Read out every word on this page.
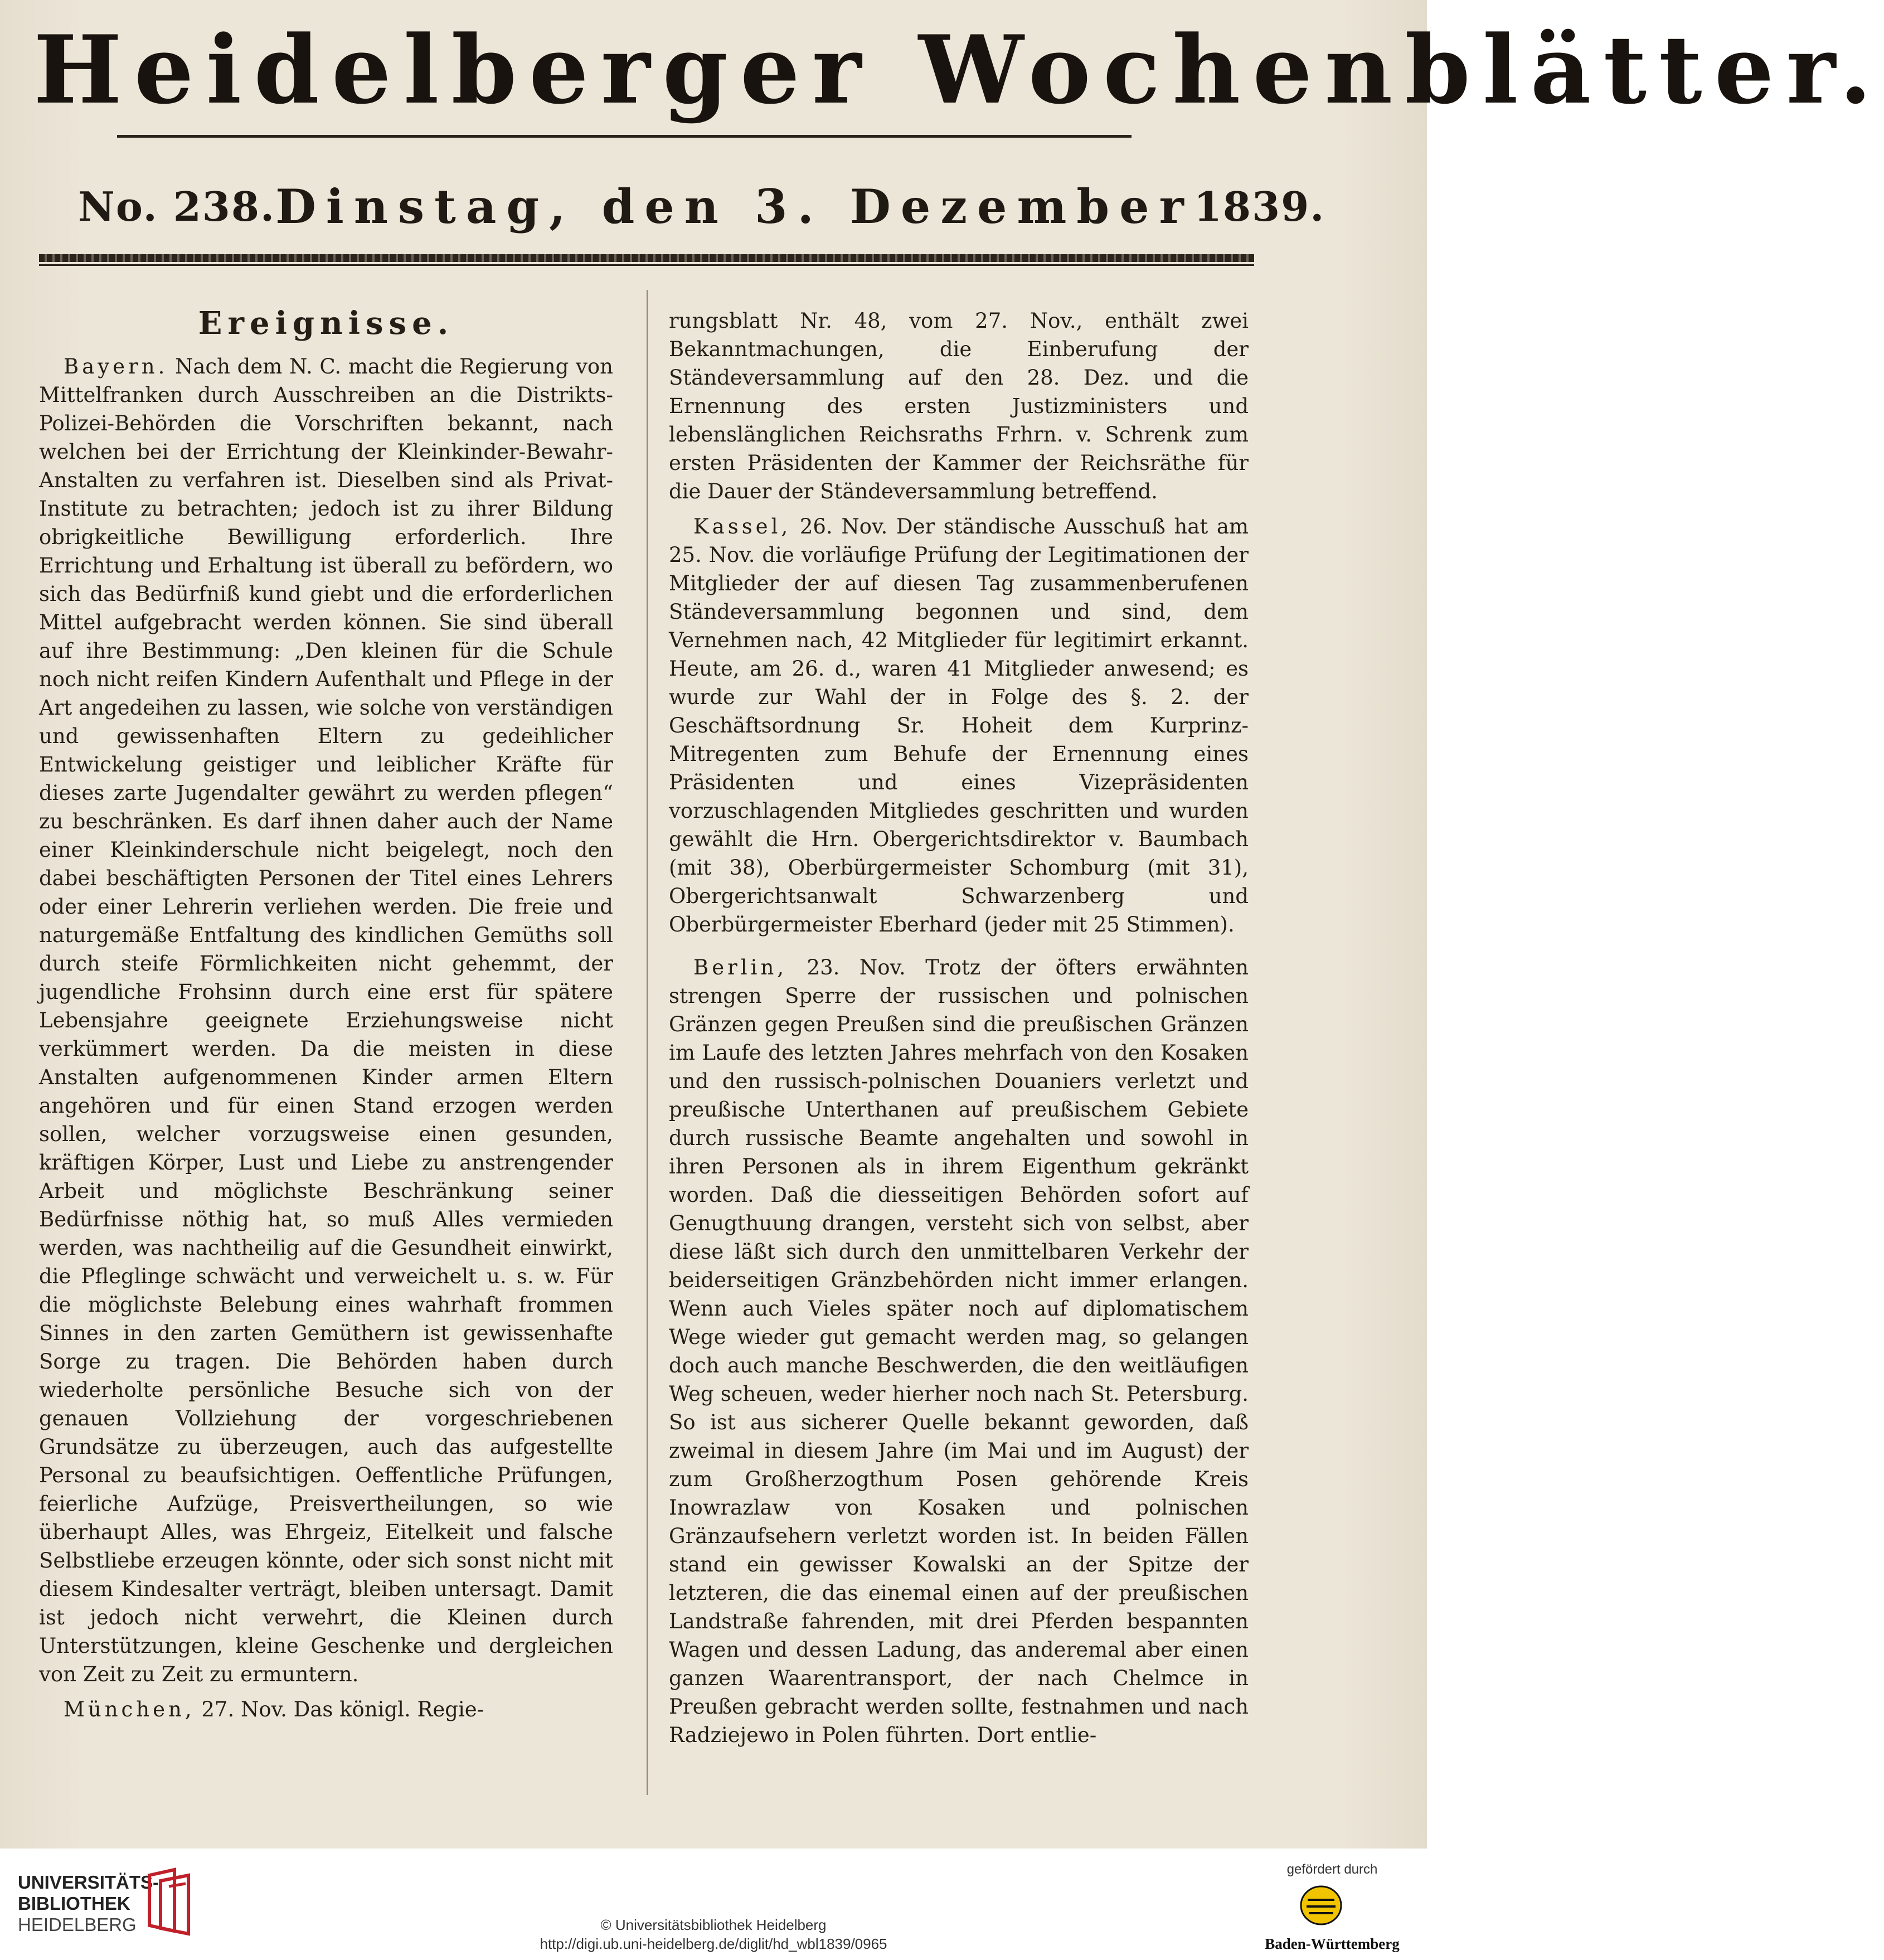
Heidelberger Wochenblätter.
No. 238. Dinstag, den 3. Dezember 1839.
Ereignisse.

Bayern. Nach dem N. C. macht die Regierung von Mittelfranken durch Ausschreiben an die Distrikts-Polizei-Behörden die Vorschriften bekannt, nach welchen bei der Errichtung der Kleinkinder-Bewahr-Anstalten zu verfahren ist. Dieselben sind als Privat-Institute zu betrachten; jedoch ist zu ihrer Bildung obrigkeitliche Bewilligung erforderlich. Ihre Errichtung und Erhaltung ist überall zu befördern, wo sich das Bedürfniß kund giebt und die erforderlichen Mittel aufgebracht werden können. Sie sind überall auf ihre Bestimmung: „Den kleinen für die Schule noch nicht reifen Kindern Aufenthalt und Pflege in der Art angedeihen zu lassen, wie solche von verständigen und gewissenhaften Eltern zu gedeihlicher Entwickelung geistiger und leiblicher Kräfte für dieses zarte Jugendalter gewährt zu werden pflegen“ zu beschränken. Es darf ihnen daher auch der Name einer Kleinkinderschule nicht beigelegt, noch den dabei beschäftigten Personen der Titel eines Lehrers oder einer Lehrerin verliehen werden. Die freie und naturgemäße Entfaltung des kindlichen Gemüths soll durch steife Förmlichkeiten nicht gehemmt, der jugendliche Frohsinn durch eine erst für spätere Lebensjahre geeignete Erziehungsweise nicht verkümmert werden. Da die meisten in diese Anstalten aufgenommenen Kinder armen Eltern angehören und für einen Stand erzogen werden sollen, welcher vorzugsweise einen gesunden, kräftigen Körper, Lust und Liebe zu anstrengender Arbeit und möglichste Beschränkung seiner Bedürfnisse nöthig hat, so muß Alles vermieden werden, was nachtheilig auf die Gesundheit einwirkt, die Pfleglinge schwächt und verweichelt u. s. w. Für die möglichste Belebung eines wahrhaft frommen Sinnes in den zarten Gemüthern ist gewissenhafte Sorge zu tragen. Die Behörden haben durch wiederholte persönliche Besuche sich von der genauen Vollziehung der vorgeschriebenen Grundsätze zu überzeugen, auch das aufgestellte Personal zu beaufsichtigen. Oeffentliche Prüfungen, feierliche Aufzüge, Preisvertheilungen, so wie überhaupt Alles, was Ehrgeiz, Eitelkeit und falsche Selbstliebe erzeugen könnte, oder sich sonst nicht mit diesem Kindesalter verträgt, bleiben untersagt. Damit ist jedoch nicht verwehrt, die Kleinen durch Unterstützungen, kleine Geschenke und dergleichen von Zeit zu Zeit zu ermuntern.

München, 27. Nov. Das königl. Regie-

rungsblatt Nr. 48, vom 27. Nov., enthält zwei Bekanntmachungen, die Einberufung der Ständeversammlung auf den 28. Dez. und die Ernennung des ersten Justizministers und lebenslänglichen Reichsraths Frhrn. v. Schrenk zum ersten Präsidenten der Kammer der Reichsräthe für die Dauer der Ständeversammlung betreffend.

Kassel, 26. Nov. Der ständische Ausschuß hat am 25. Nov. die vorläufige Prüfung der Legitimationen der Mitglieder der auf diesen Tag zusammenberufenen Ständeversammlung begonnen und sind, dem Vernehmen nach, 42 Mitglieder für legitimirt erkannt. Heute, am 26. d., waren 41 Mitglieder anwesend; es wurde zur Wahl der in Folge des §. 2. der Geschäftsordnung Sr. Hoheit dem Kurprinz-Mitregenten zum Behufe der Ernennung eines Präsidenten und eines Vizepräsidenten vorzuschlagenden Mitgliedes geschritten und wurden gewählt die Hrn. Obergerichtsdirektor v. Baumbach (mit 38), Oberbürgermeister Schomburg (mit 31), Obergerichtsanwalt Schwarzenberg und Oberbürgermeister Eberhard (jeder mit 25 Stimmen).

Berlin, 23. Nov. Trotz der öfters erwähnten strengen Sperre der russischen und polnischen Gränzen gegen Preußen sind die preußischen Gränzen im Laufe des letzten Jahres mehrfach von den Kosaken und den russisch-polnischen Douaniers verletzt und preußische Unterthanen auf preußischem Gebiete durch russische Beamte angehalten und sowohl in ihren Personen als in ihrem Eigenthum gekränkt worden. Daß die diesseitigen Behörden sofort auf Genugthuung drangen, versteht sich von selbst, aber diese läßt sich durch den unmittelbaren Verkehr der beiderseitigen Gränzbehörden nicht immer erlangen. Wenn auch Vieles später noch auf diplomatischem Wege wieder gut gemacht werden mag, so gelangen doch auch manche Beschwerden, die den weitläufigen Weg scheuen, weder hierher noch nach St. Petersburg. So ist aus sicherer Quelle bekannt geworden, daß zweimal in diesem Jahre (im Mai und im August) der zum Großherzogthum Posen gehörende Kreis Inowrazlaw von Kosaken und polnischen Gränzaufsehern verletzt worden ist. In beiden Fällen stand ein gewisser Kowalski an der Spitze der letzteren, die das einemal einen auf der preußischen Landstraße fahrenden, mit drei Pferden bespannten Wagen und dessen Ladung, das anderemal aber einen ganzen Waarentransport, der nach Chelmce in Preußen gebracht werden sollte, festnahmen und nach Radziejewo in Polen führten. Dort entlie-

UNIVERSITÄTS-
BIBLIOTHEK
HEIDELBERG	© Universitätsbibliothek Heidelberg
http://digi.ub.uni-heidelberg.de/diglit/hd_wbl1839/0965
gefördert durch
Baden-Württemberg
